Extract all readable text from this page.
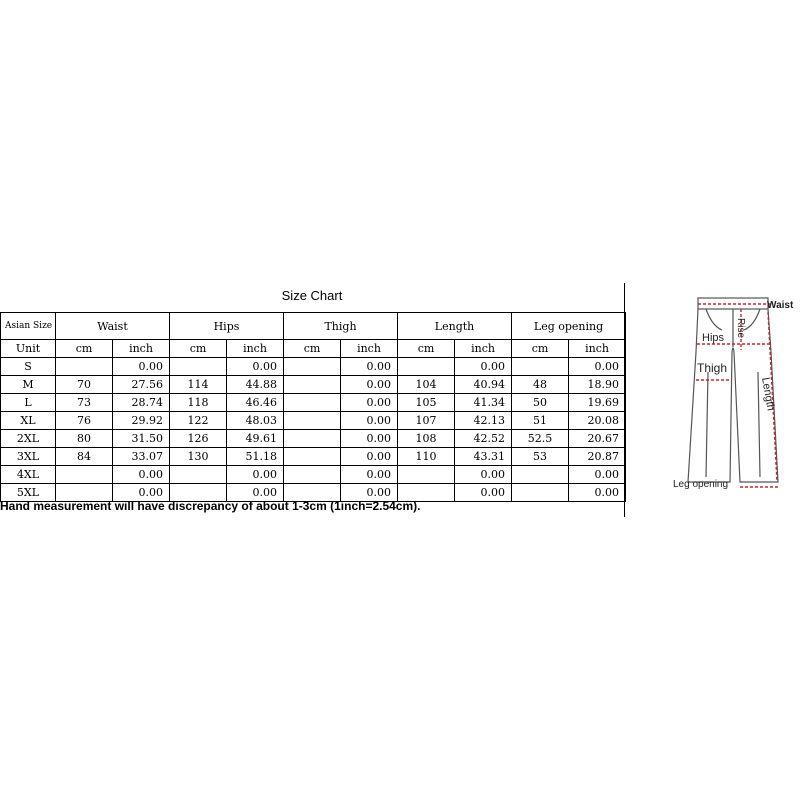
Size Chart
Asian Size	Waist		Hips		Thigh		Length		Leg opening	
Unit	cm	inch	cm	inch	cm	inch	cm	inch	cm	inch
S		0.00		0.00		0.00		0.00		0.00
M	70	27.56	114	44.88		0.00	104	40.94	48	18.90
L	73	28.74	118	46.46		0.00	105	41.34	50	19.69
XL	76	29.92	122	48.03		0.00	107	42.13	51	20.08
2XL	80	31.50	126	49.61		0.00	108	42.52	52.5	20.67
3XL	84	33.07	130	51.18		0.00	110	43.31	53	20.87
4XL		0.00		0.00		0.00		0.00		0.00
5XL		0.00		0.00		0.00		0.00		0.00
Hand measurement will have discrepancy of about 1-3cm (1inch=2.54cm).
Waist
Rise
Hips
Thigh
Length
Leg opening
